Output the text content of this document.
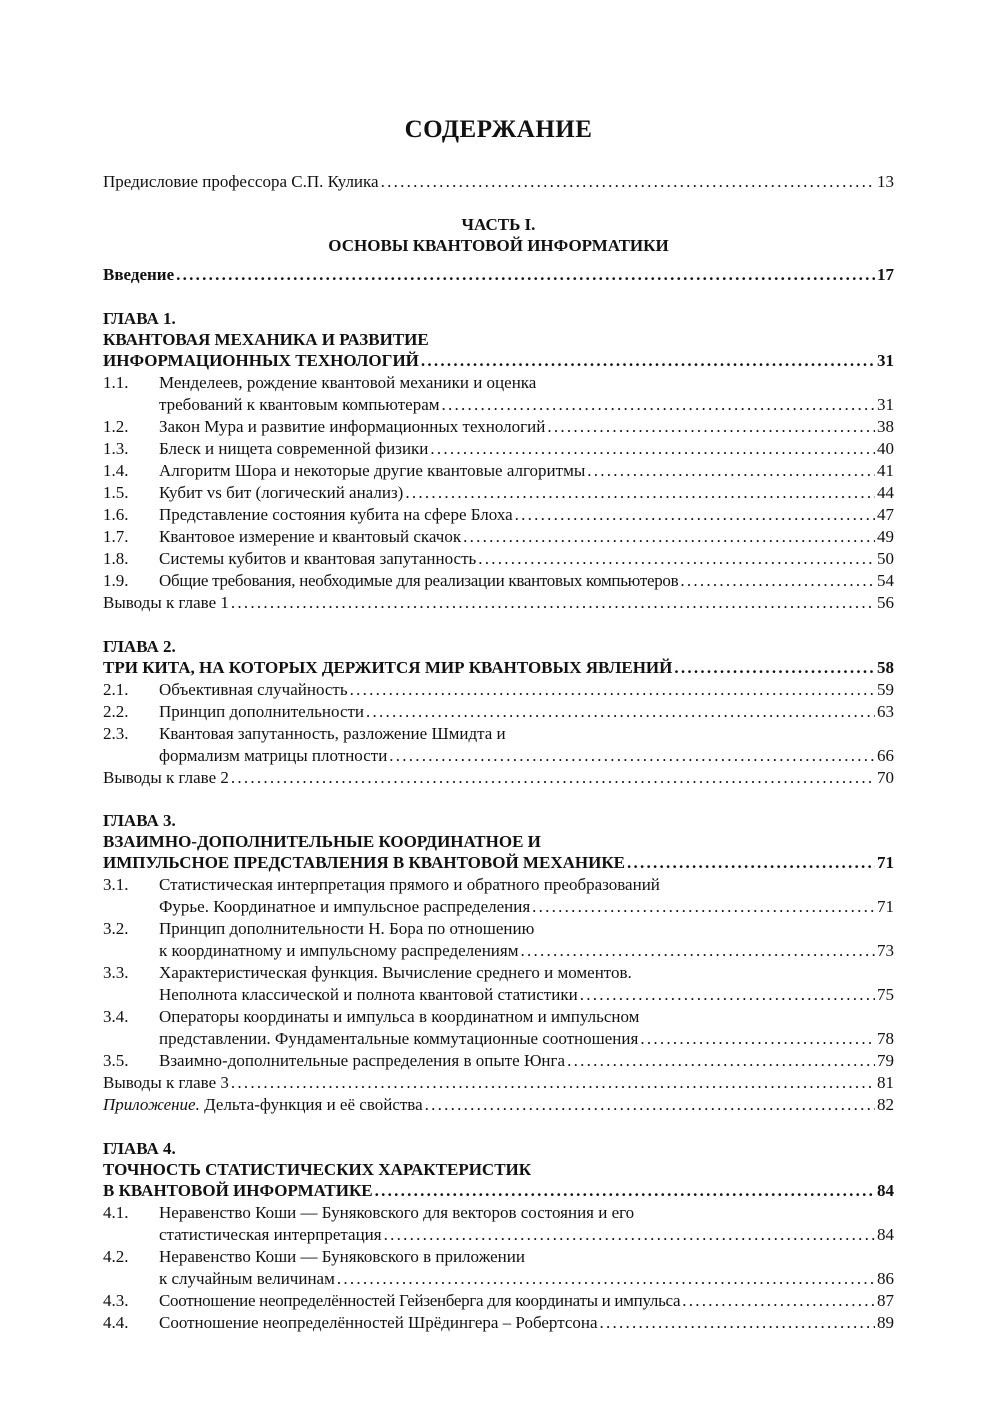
СОДЕРЖАНИЕ
Предисловие профессора С.П. Кулика . . .	13
ЧАСТЬ I.
ОСНОВЫ КВАНТОВОЙ ИНФОРМАТИКИ
Введение . . .	17
ГЛАВА 1.
КВАНТОВАЯ МЕХАНИКА И РАЗВИТИЕ
ИНФОРМАЦИОННЫХ ТЕХНОЛОГИЙ . . .	31
1.1.	Менделеев, рождение квантовой механики и оценка
требований к квантовым компьютерам . . .	31
1.2.	Закон Мура и развитие информационных технологий . . .	38
1.3.	Блеск и нищета современной физики . . .	40
1.4.	Алгоритм Шора и некоторые другие квантовые алгоритмы . . .	41
1.5.	Кубит vs бит (логический анализ) . . .	44
1.6.	Представление состояния кубита на сфере Блоха . . .	47
1.7.	Квантовое измерение и квантовый скачок . . .	49
1.8.	Системы кубитов и квантовая запутанность . . .	50
1.9.	Общие требования, необходимые для реализации квантовых компьютеров . . .	54
Выводы к главе 1 . . .	56
ГЛАВА 2.
ТРИ КИТА, НА КОТОРЫХ ДЕРЖИТСЯ МИР КВАНТОВЫХ ЯВЛЕНИЙ . . .	58
2.1.	Объективная случайность . . .	59
2.2.	Принцип дополнительности . . .	63
2.3.	Квантовая запутанность, разложение Шмидта и
формализм матрицы плотности . . .	66
Выводы к главе 2 . . .	70
ГЛАВА 3.
ВЗАИМНО-ДОПОЛНИТЕЛЬНЫЕ КООРДИНАТНОЕ И
ИМПУЛЬСНОЕ ПРЕДСТАВЛЕНИЯ В КВАНТОВОЙ МЕХАНИКЕ . . .	71
3.1.	Статистическая интерпретация прямого и обратного преобразований
Фурье. Координатное и импульсное распределения . . .	71
3.2.	Принцип дополнительности Н. Бора по отношению
к координатному и импульсному распределениям . . .	73
3.3.	Характеристическая функция. Вычисление среднего и моментов.
Неполнота классической и полнота квантовой статистики . . .	75
3.4.	Операторы координаты и импульса в координатном и импульсном
представлении. Фундаментальные коммутационные соотношения . . .	78
3.5.	Взаимно-дополнительные распределения в опыте Юнга . . .	79
Выводы к главе 3 . . .	81
Приложение. Дельта-функция и её свойства . . .	82
ГЛАВА 4.
ТОЧНОСТЬ СТАТИСТИЧЕСКИХ ХАРАКТЕРИСТИК
В КВАНТОВОЙ ИНФОРМАТИКЕ . . .	84
4.1.	Неравенство Коши — Буняковского для векторов состояния и его
статистическая интерпретация . . .	84
4.2.	Неравенство Коши — Буняковского в приложении
к случайным величинам . . .	86
4.3.	Соотношение неопределённостей Гейзенберга для координаты и импульса . . .	87
4.4.	Соотношение неопределённостей Шрёдингера – Робертсона . . .	89
